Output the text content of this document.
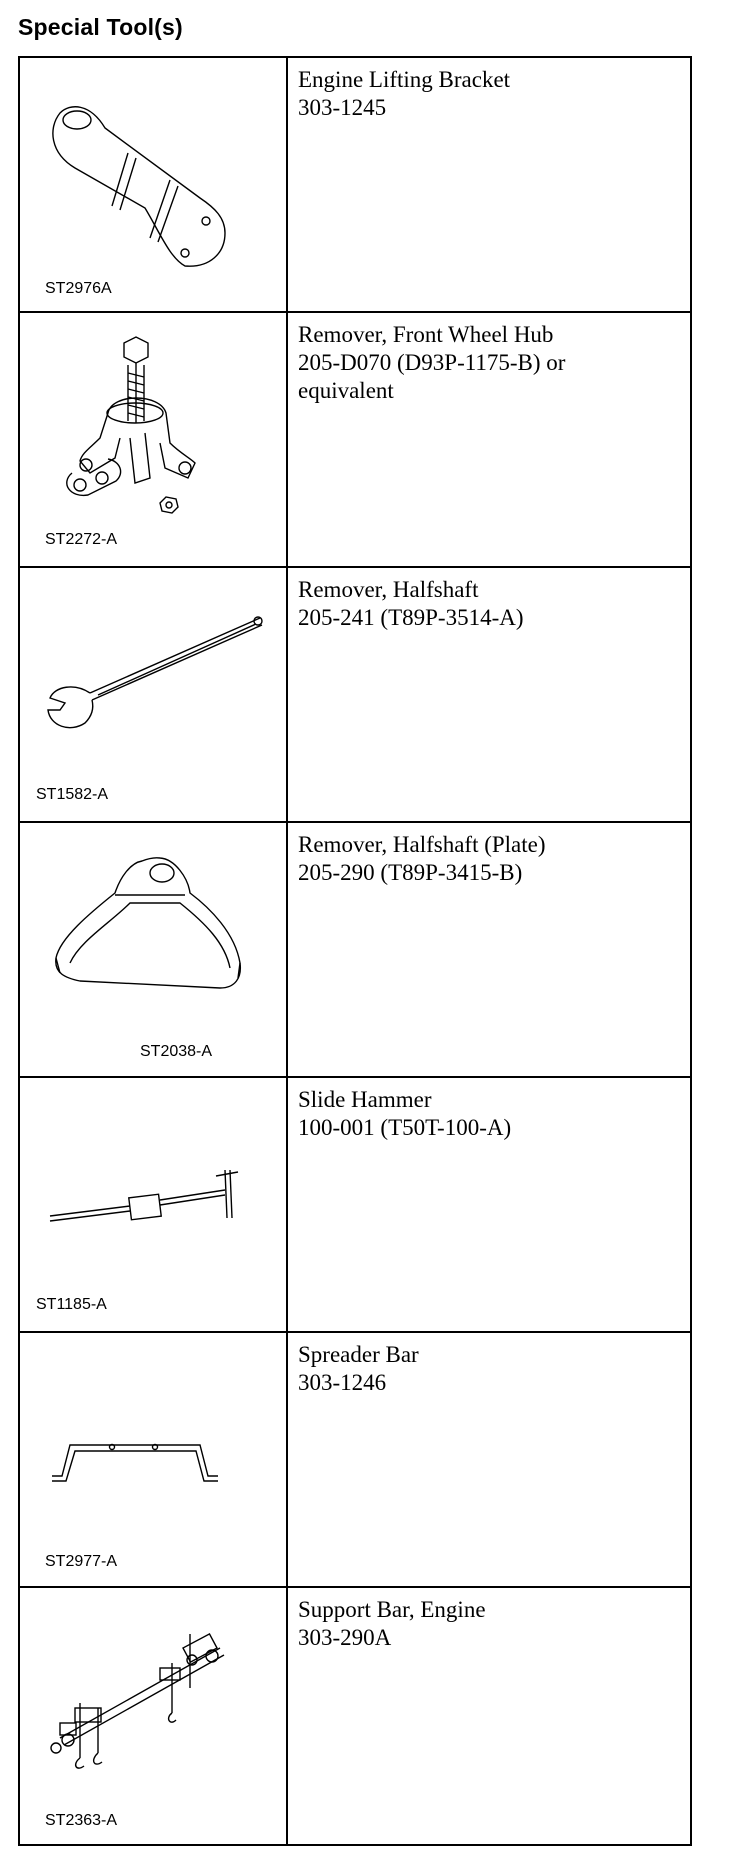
Special Tool(s)
ST2976A	Engine Lifting Bracket
303-1245

ST2272-A	Remover, Front Wheel Hub
205-D070 (D93P-1175-B) or
equivalent

ST1582-A	Remover, Halfshaft
205-241 (T89P-3514-A)

ST2038-A	Remover, Halfshaft (Plate)
205-290 (T89P-3415-B)

ST1185-A	Slide Hammer
100-001 (T50T-100-A)

ST2977-A	Spreader Bar
303-1246

ST2363-A	Support Bar, Engine
303-290A
